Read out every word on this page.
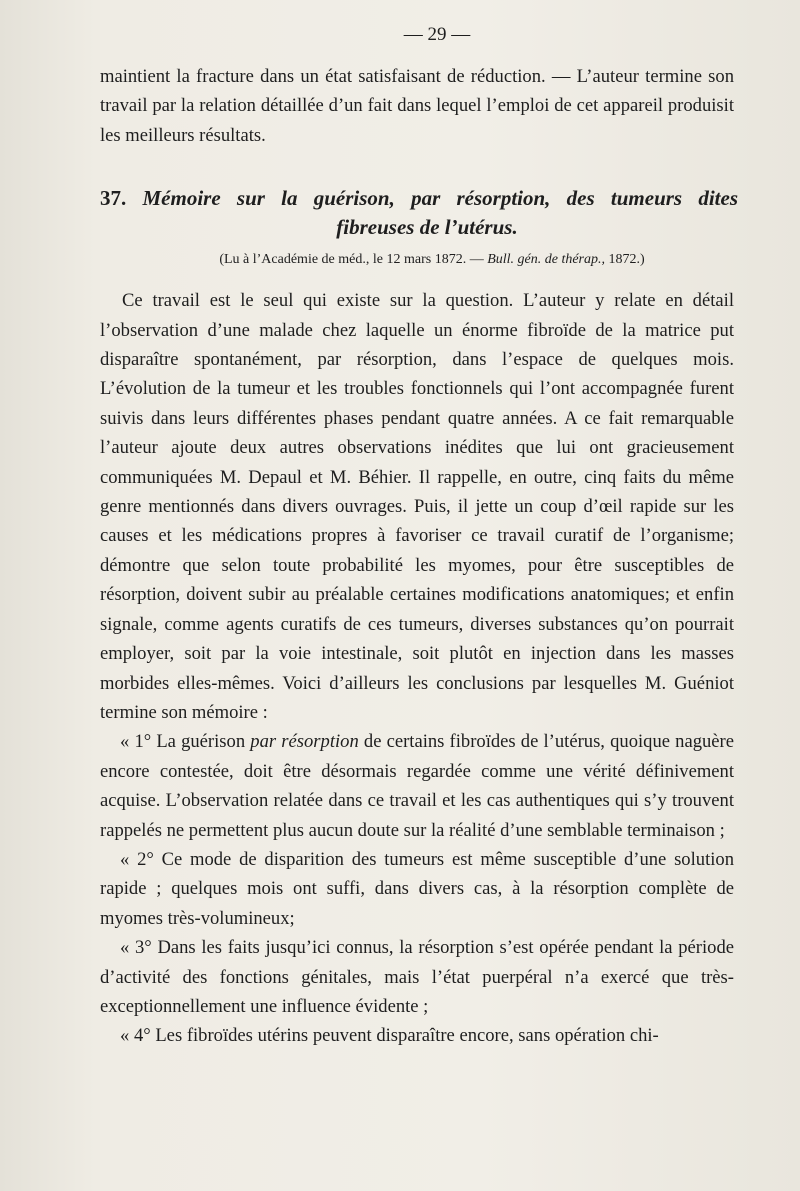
— 29 —

maintient la fracture dans un état satisfaisant de réduction. — L’auteur termine son travail par la relation détaillée d’un fait dans lequel l’emploi de cet appareil produisit les meilleurs résultats.

37. Mémoire sur la guérison, par résorption, des tumeurs dites
fibreuses de l’utérus.
(Lu à l’Académie de méd., le 12 mars 1872. — Bull. gén. de thérap., 1872.)

Ce travail est le seul qui existe sur la question. L’auteur y relate en détail l’observation d’une malade chez laquelle un énorme fibroïde de la matrice put disparaître spontanément, par résorption, dans l’espace de quelques mois. L’évolution de la tumeur et les troubles fonctionnels qui l’ont accompagnée furent suivis dans leurs différentes phases pendant quatre années. A ce fait remarquable l’auteur ajoute deux autres observations inédites que lui ont gracieusement communiquées M. Depaul et M. Béhier. Il rappelle, en outre, cinq faits du même genre mentionnés dans divers ouvrages. Puis, il jette un coup d’œil rapide sur les causes et les médications propres à favoriser ce travail curatif de l’organisme; démontre que selon toute probabilité les myomes, pour être susceptibles de résorption, doivent subir au préalable certaines modifications anatomiques; et enfin signale, comme agents curatifs de ces tumeurs, diverses substances qu’on pourrait employer, soit par la voie intestinale, soit plutôt en injection dans les masses morbides elles-mêmes. Voici d’ailleurs les conclusions par lesquelles M. Guéniot termine son mémoire :

« 1° La guérison par résorption de certains fibroïdes de l’utérus, quoique naguère encore contestée, doit être désormais regardée comme une vérité définivement acquise. L’observation relatée dans ce travail et les cas authentiques qui s’y trouvent rappelés ne permettent plus aucun doute sur la réalité d’une semblable terminaison ;

« 2° Ce mode de disparition des tumeurs est même susceptible d’une solution rapide ; quelques mois ont suffi, dans divers cas, à la résorption complète de myomes très-volumineux;

« 3° Dans les faits jusqu’ici connus, la résorption s’est opérée pendant la période d’activité des fonctions génitales, mais l’état puerpéral n’a exercé que très-exceptionnellement une influence évidente ;

« 4° Les fibroïdes utérins peuvent disparaître encore, sans opération chi-
